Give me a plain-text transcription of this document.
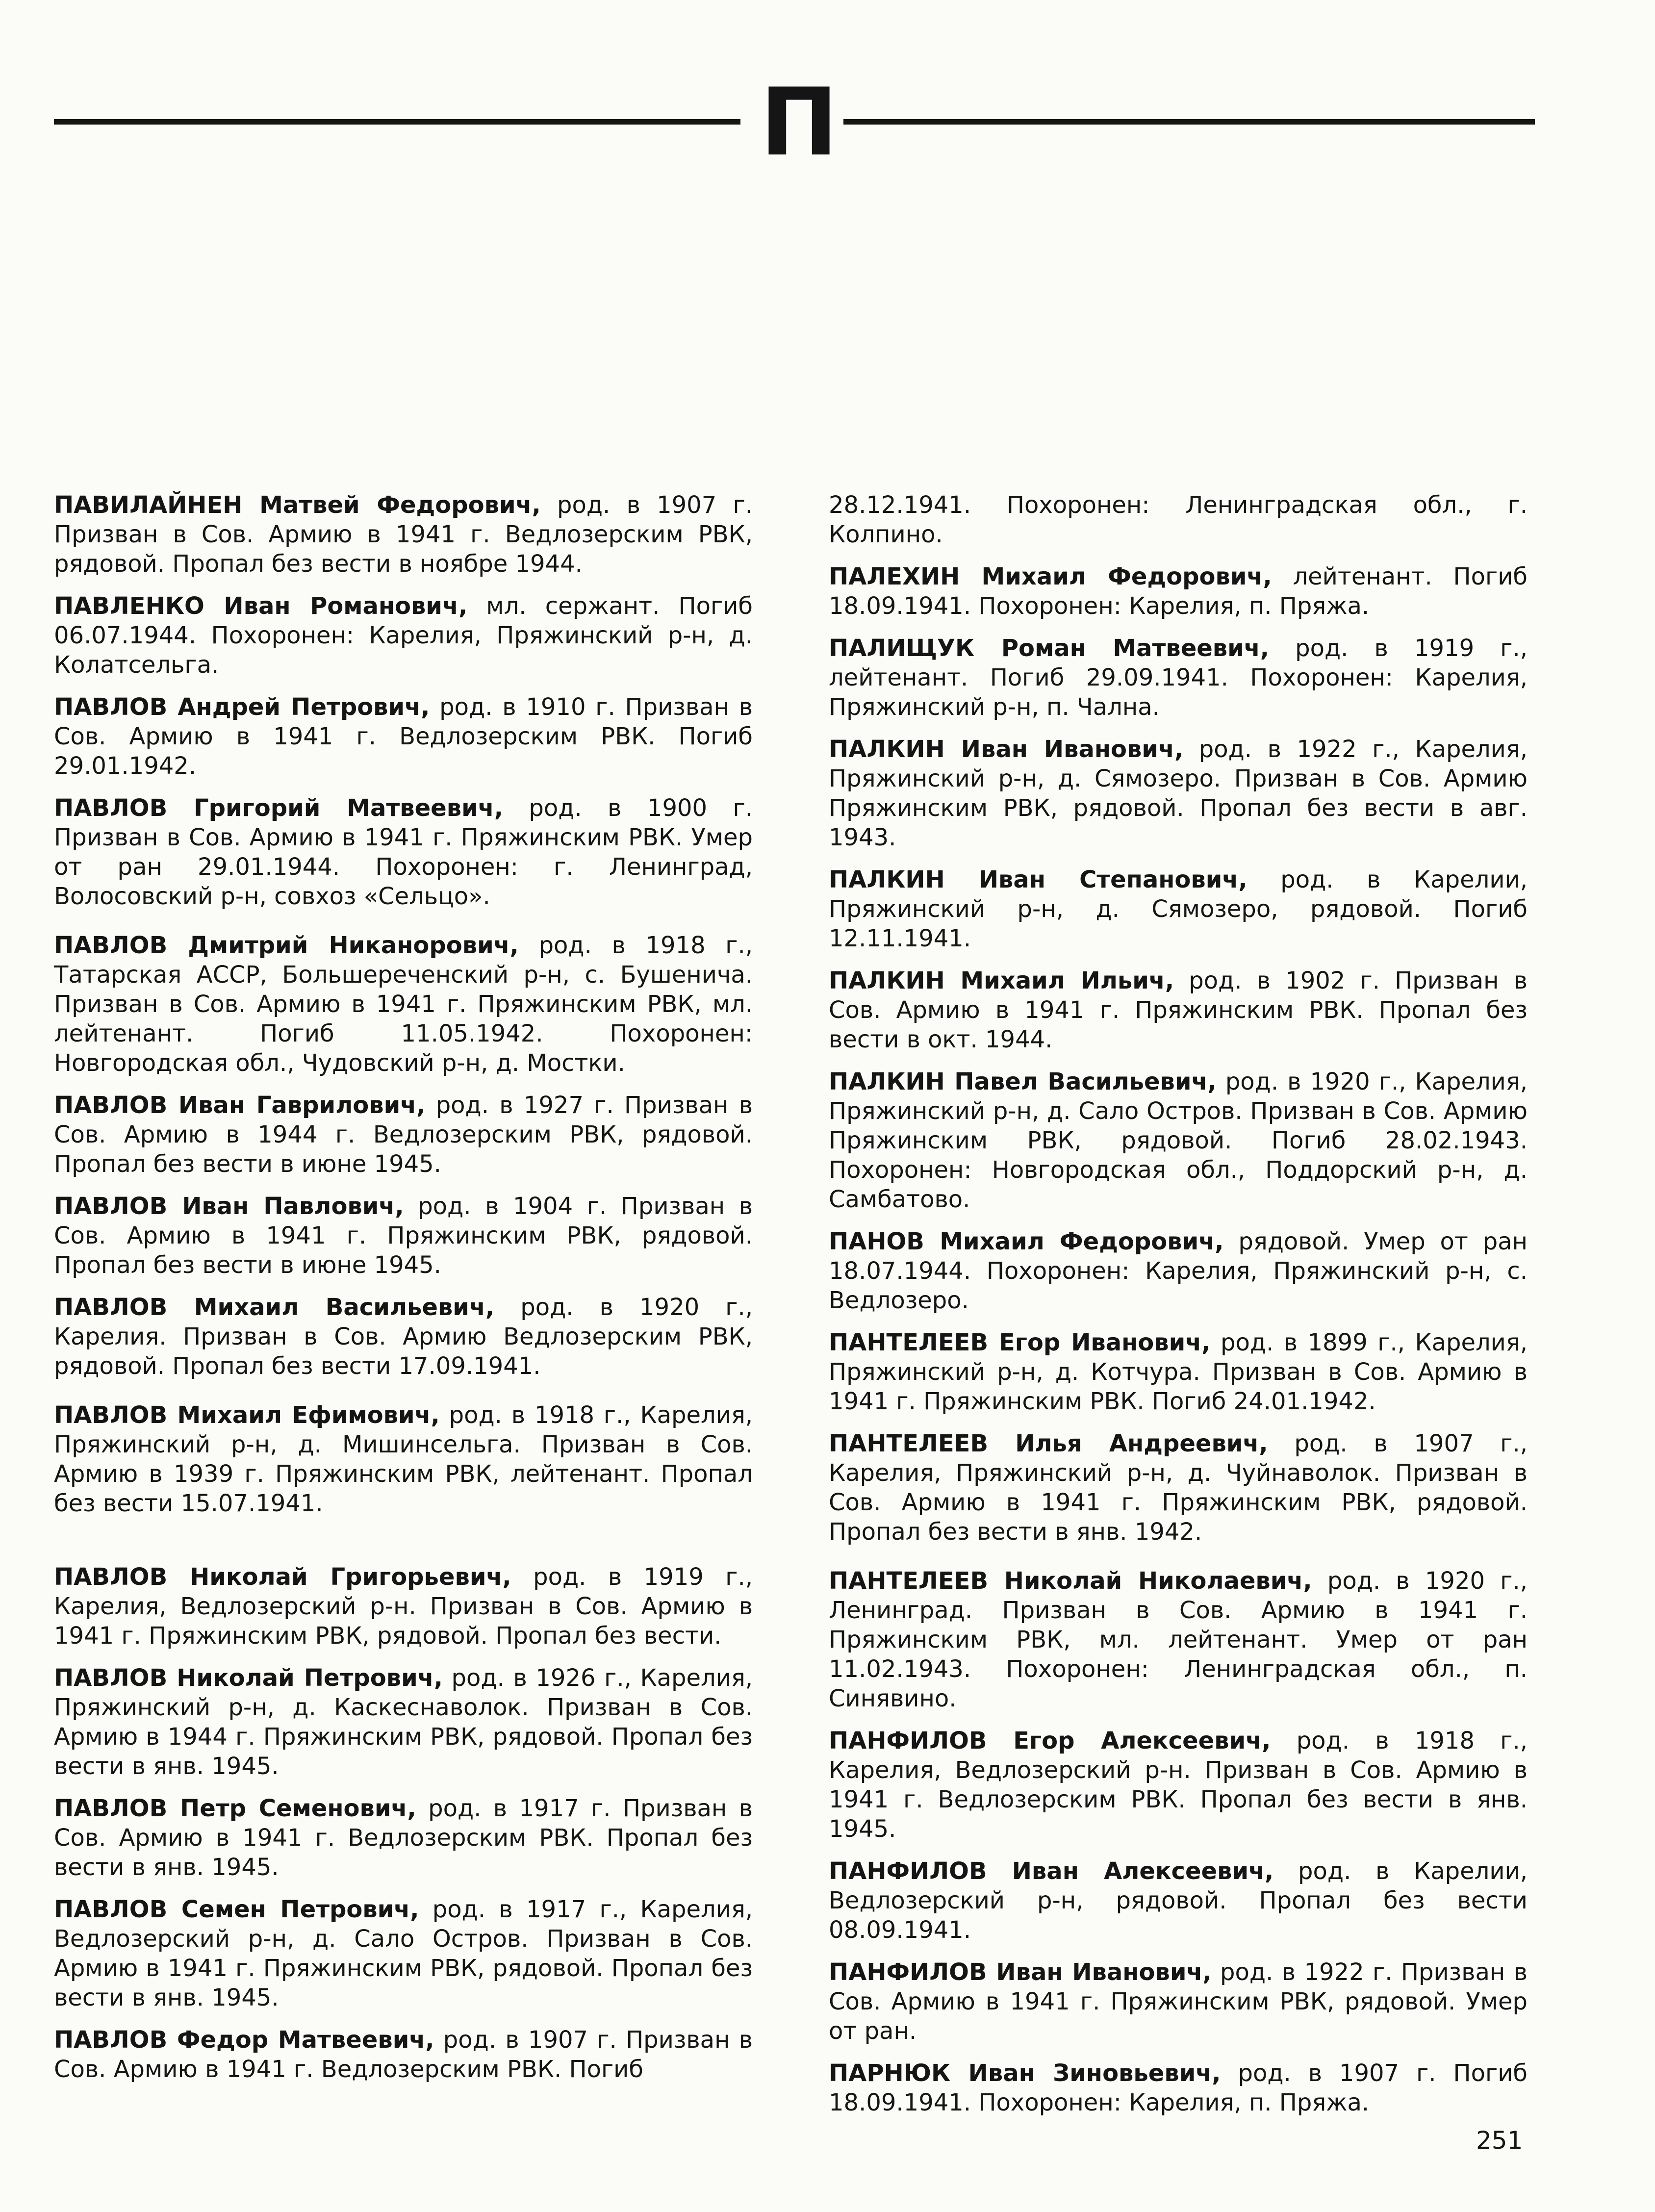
П

ПАВИЛАЙНЕН Матвей Федорович, род. в 1907 г. Призван в Сов. Армию в 1941 г. Ведлозерским РВК, рядовой. Пропал без вести в ноябре 1944.

ПАВЛЕНКО Иван Романович, мл. сержант. Погиб 06.07.1944. Похоронен: Карелия, Пряжинский р-н, д. Колатсельга.

ПАВЛОВ Андрей Петрович, род. в 1910 г. Призван в Сов. Армию в 1941 г. Ведлозерским РВК. Погиб 29.01.1942.

ПАВЛОВ Григорий Матвеевич, род. в 1900 г. Призван в Сов. Армию в 1941 г. Пряжинским РВК. Умер от ран 29.01.1944. Похоронен: г. Ленинград, Волосовский р-н, совхоз «Сельцо».

ПАВЛОВ Дмитрий Никанорович, род. в 1918 г., Татарская АССР, Большереченский р-н, с. Бушенича. Призван в Сов. Армию в 1941 г. Пряжинским РВК, мл. лейтенант. Погиб 11.05.1942. Похоронен: Новгородская обл., Чудовский р-н, д. Мостки.

ПАВЛОВ Иван Гаврилович, род. в 1927 г. Призван в Сов. Армию в 1944 г. Ведлозерским РВК, рядовой. Пропал без вести в июне 1945.

ПАВЛОВ Иван Павлович, род. в 1904 г. Призван в Сов. Армию в 1941 г. Пряжинским РВК, рядовой. Пропал без вести в июне 1945.

ПАВЛОВ Михаил Васильевич, род. в 1920 г., Карелия. Призван в Сов. Армию Ведлозерским РВК, рядовой. Пропал без вести 17.09.1941.

ПАВЛОВ Михаил Ефимович, род. в 1918 г., Карелия, Пряжинский р-н, д. Мишинсельга. Призван в Сов. Армию в 1939 г. Пряжинским РВК, лейтенант. Пропал без вести 15.07.1941.

ПАВЛОВ Николай Григорьевич, род. в 1919 г., Карелия, Ведлозерский р-н. Призван в Сов. Армию в 1941 г. Пряжинским РВК, рядовой. Пропал без вести.

ПАВЛОВ Николай Петрович, род. в 1926 г., Карелия, Пряжинский р-н, д. Каскеснаволок. Призван в Сов. Армию в 1944 г. Пряжинским РВК, рядовой. Пропал без вести в янв. 1945.

ПАВЛОВ Петр Семенович, род. в 1917 г. Призван в Сов. Армию в 1941 г. Ведлозерским РВК. Пропал без вести в янв. 1945.

ПАВЛОВ Семен Петрович, род. в 1917 г., Карелия, Ведлозерский р-н, д. Сало Остров. Призван в Сов. Армию в 1941 г. Пряжинским РВК, рядовой. Пропал без вести в янв. 1945.

ПАВЛОВ Федор Матвеевич, род. в 1907 г. Призван в Сов. Армию в 1941 г. Ведлозерским РВК. Погиб

28.12.1941. Похоронен: Ленинградская обл., г. Колпино.

ПАЛЕХИН Михаил Федорович, лейтенант. Погиб 18.09.1941. Похоронен: Карелия, п. Пряжа.

ПАЛИЩУК Роман Матвеевич, род. в 1919 г., лейтенант. Погиб 29.09.1941. Похоронен: Карелия, Пряжинский р-н, п. Чална.

ПАЛКИН Иван Иванович, род. в 1922 г., Карелия, Пряжинский р-н, д. Сямозеро. Призван в Сов. Армию Пряжинским РВК, рядовой. Пропал без вести в авг. 1943.

ПАЛКИН Иван Степанович, род. в Карелии, Пряжинский р-н, д. Сямозеро, рядовой. Погиб 12.11.1941.

ПАЛКИН Михаил Ильич, род. в 1902 г. Призван в Сов. Армию в 1941 г. Пряжинским РВК. Пропал без вести в окт. 1944.

ПАЛКИН Павел Васильевич, род. в 1920 г., Карелия, Пряжинский р-н, д. Сало Остров. Призван в Сов. Армию Пряжинским РВК, рядовой. Погиб 28.02.1943. Похоронен: Новгородская обл., Поддорский р-н, д. Самбатово.

ПАНОВ Михаил Федорович, рядовой. Умер от ран 18.07.1944. Похоронен: Карелия, Пряжинский р-н, с. Ведлозеро.

ПАНТЕЛЕЕВ Егор Иванович, род. в 1899 г., Карелия, Пряжинский р-н, д. Котчура. Призван в Сов. Армию в 1941 г. Пряжинским РВК. Погиб 24.01.1942.

ПАНТЕЛЕЕВ Илья Андреевич, род. в 1907 г., Карелия, Пряжинский р-н, д. Чуйнаволок. Призван в Сов. Армию в 1941 г. Пряжинским РВК, рядовой. Пропал без вести в янв. 1942.

ПАНТЕЛЕЕВ Николай Николаевич, род. в 1920 г., Ленинград. Призван в Сов. Армию в 1941 г. Пряжинским РВК, мл. лейтенант. Умер от ран 11.02.1943. Похоронен: Ленинградская обл., п. Синявино.

ПАНФИЛОВ Егор Алексеевич, род. в 1918 г., Карелия, Ведлозерский р-н. Призван в Сов. Армию в 1941 г. Ведлозерским РВК. Пропал без вести в янв. 1945.

ПАНФИЛОВ Иван Алексеевич, род. в Карелии, Ведлозерский р-н, рядовой. Пропал без вести 08.09.1941.

ПАНФИЛОВ Иван Иванович, род. в 1922 г. Призван в Сов. Армию в 1941 г. Пряжинским РВК, рядовой. Умер от ран.

ПАРНЮК Иван Зиновьевич, род. в 1907 г. Погиб 18.09.1941. Похоронен: Карелия, п. Пряжа.

251
